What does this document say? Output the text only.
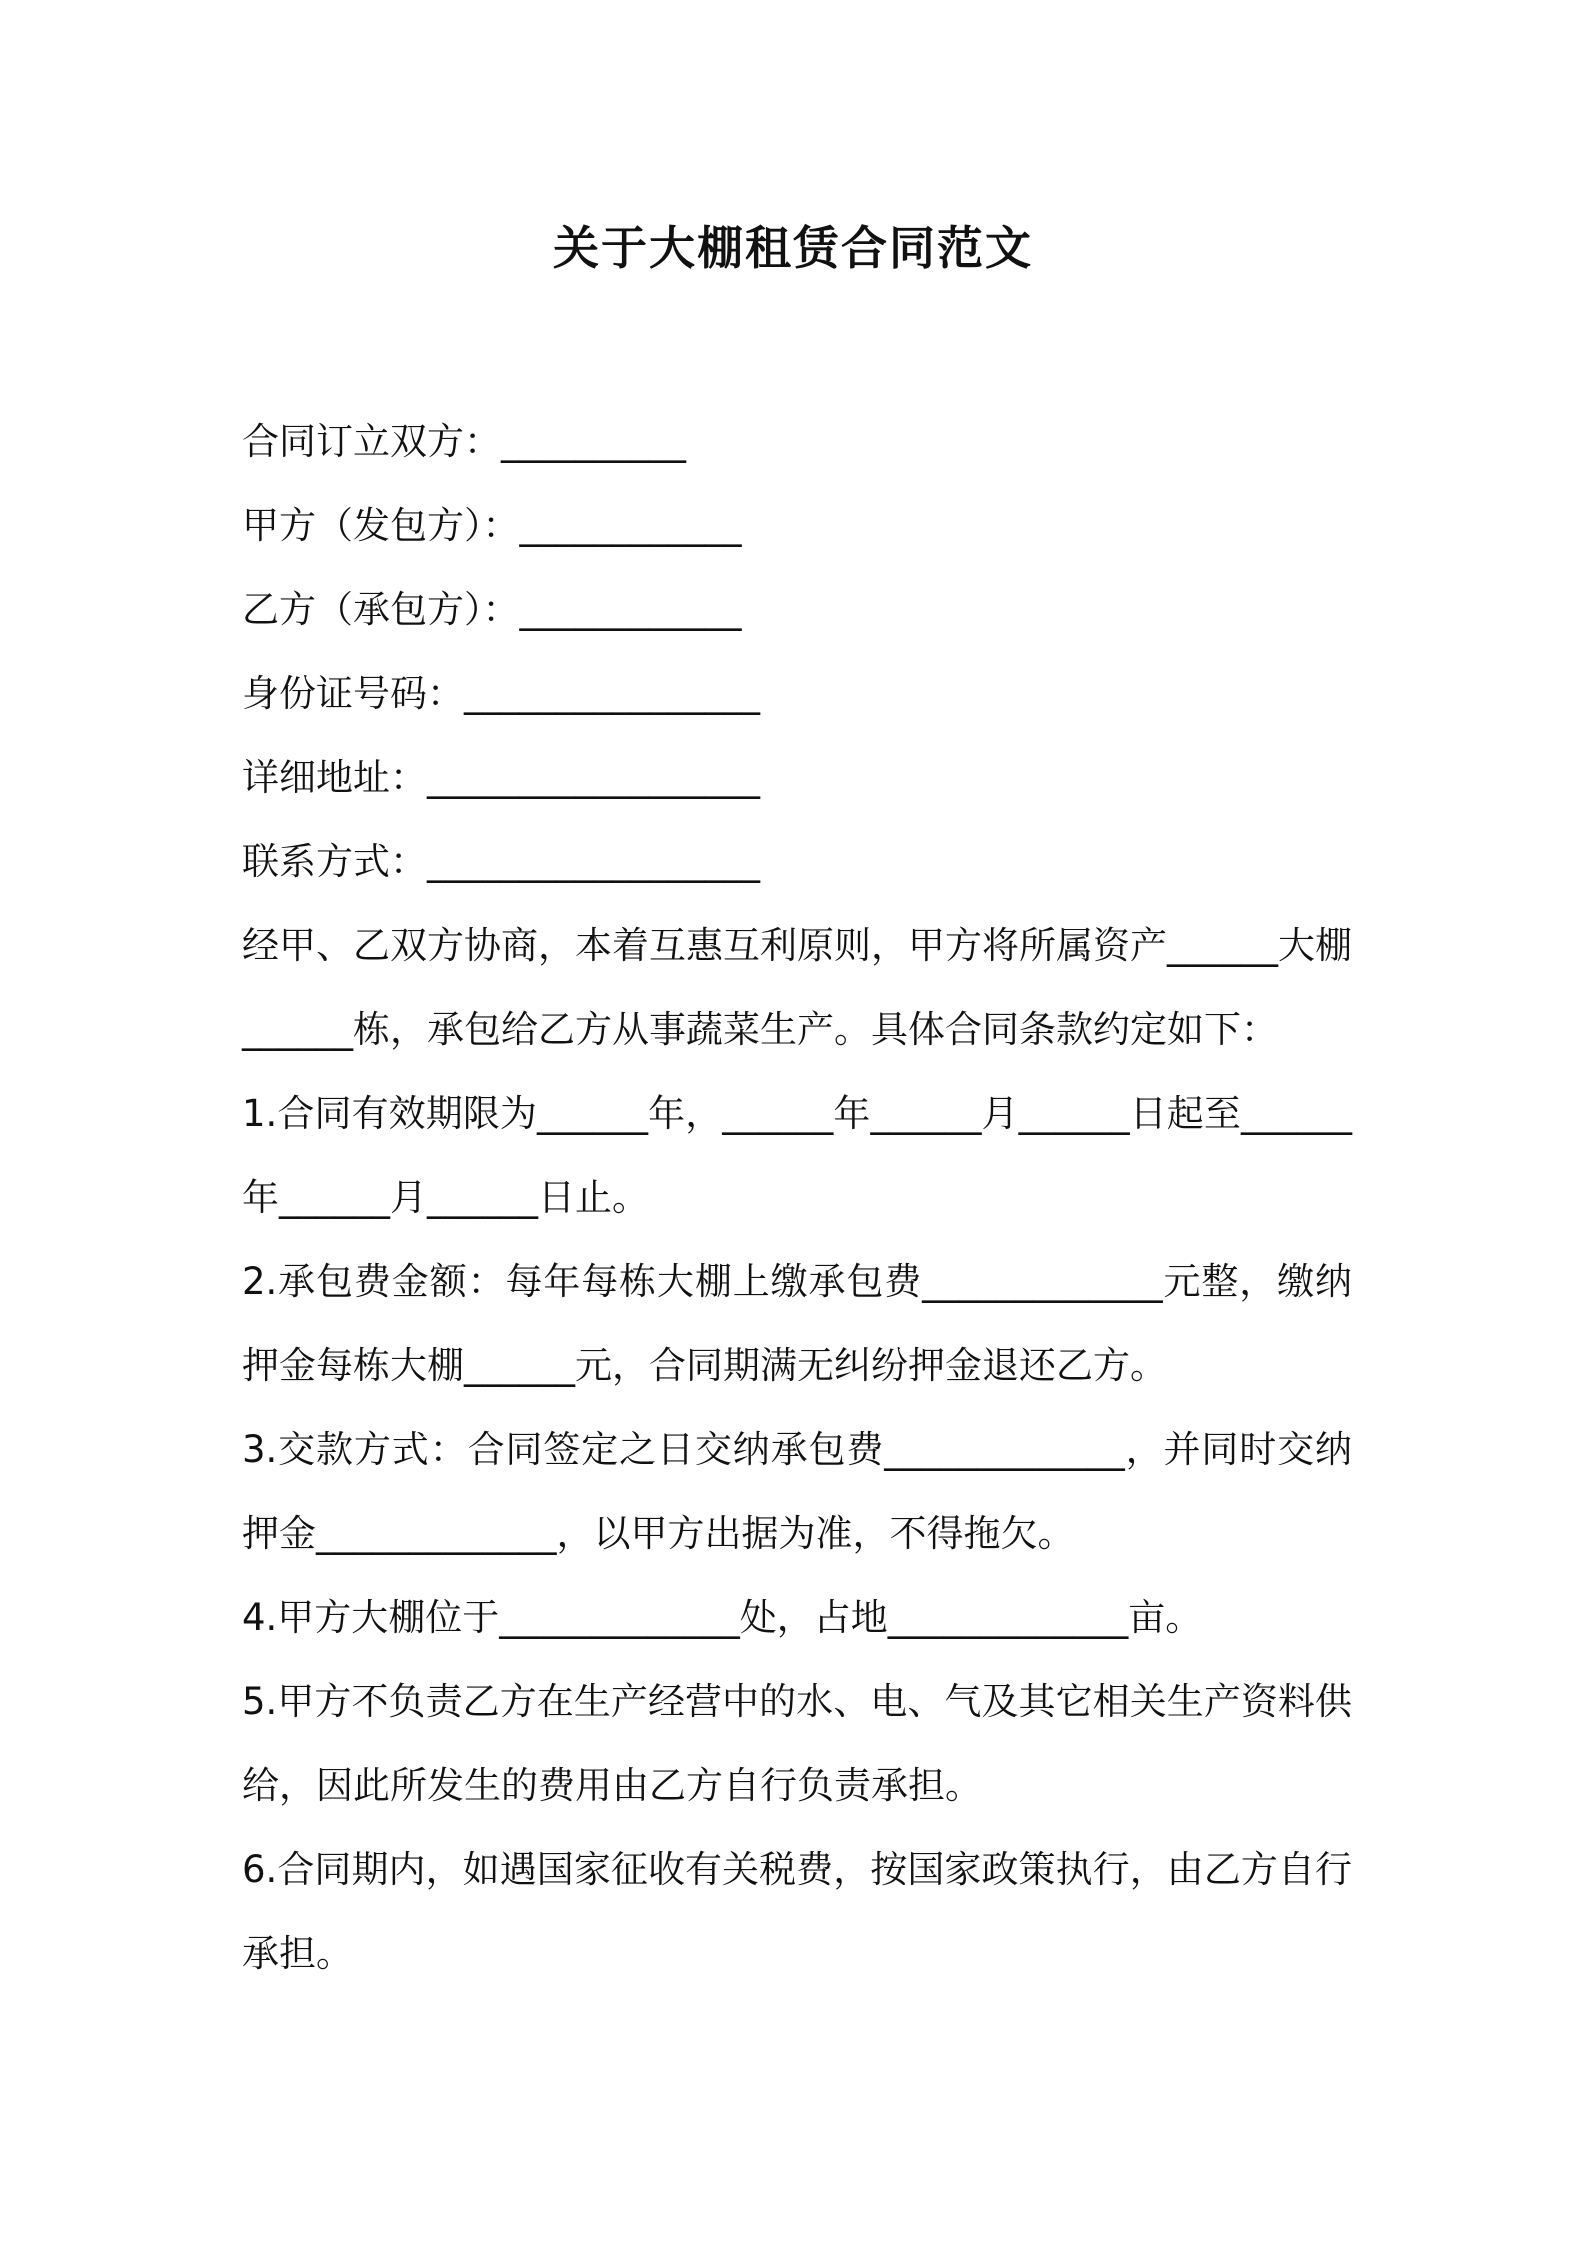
关于大棚租赁合同范文

合同订立双方：__________

甲方（发包方）：____________

乙方（承包方）：____________

身份证号码：________________

详细地址：__________________

联系方式：__________________

经甲、乙双方协商，本着互惠互利原则，甲方将所属资产______大棚______栋，承包给乙方从事蔬菜生产。具体合同条款约定如下：

1.合同有效期限为______年，______年______月______日起至______年______月______日止。

2.承包费金额：每年每栋大棚上缴承包费_____________元整，缴纳押金每栋大棚______元，合同期满无纠纷押金退还乙方。

3.交款方式：合同签定之日交纳承包费_____________，并同时交纳押金_____________，以甲方出据为准，不得拖欠。

4.甲方大棚位于_____________处，占地_____________亩。

5.甲方不负责乙方在生产经营中的水、电、气及其它相关生产资料供给，因此所发生的费用由乙方自行负责承担。

6.合同期内，如遇国家征收有关税费，按国家政策执行，由乙方自行承担。
